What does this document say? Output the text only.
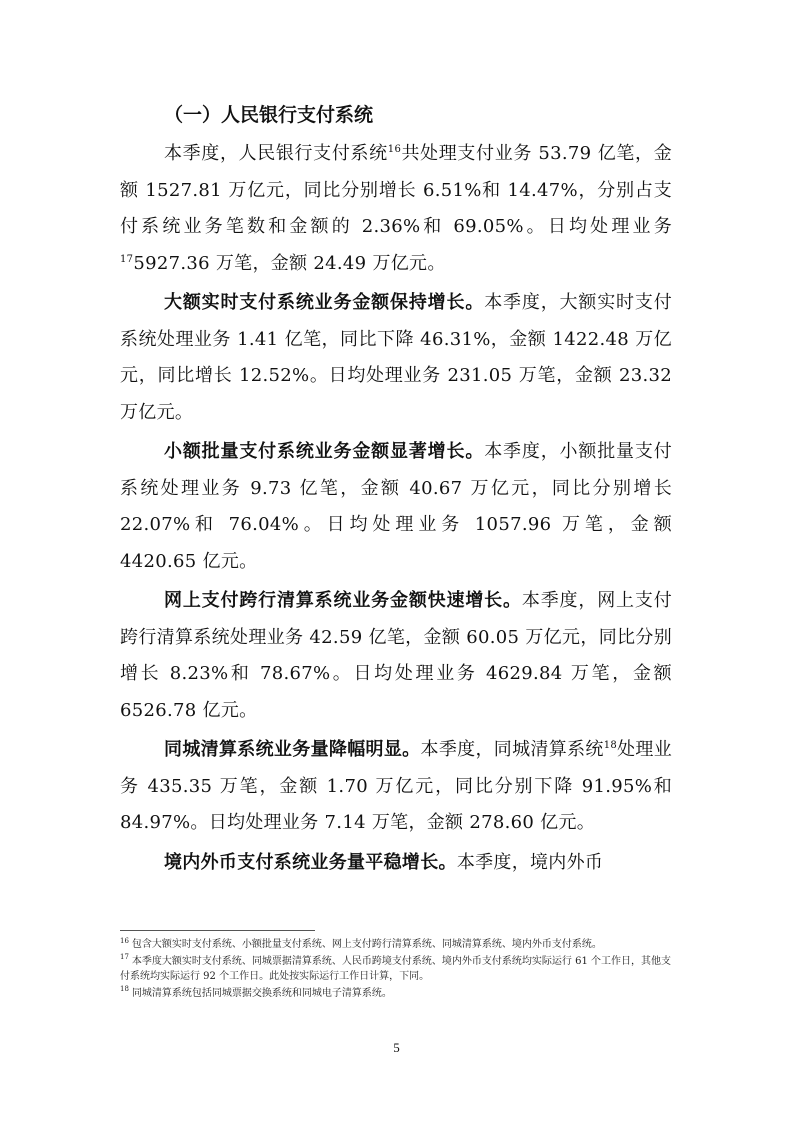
（一）人民银行支付系统

本季度，人民银行支付系统$^{16}$共处理支付业务 53.79 亿笔，金额 1527.81 万亿元，同比分别增长 6.51%和 14.47%，分别占支付系统业务笔数和金额的 2.36%和 69.05%。日均处理业务$^{17}$5927.36 万笔，金额 24.49 万亿元。

大额实时支付系统业务金额保持增长。本季度，大额实时支付系统处理业务 1.41 亿笔，同比下降 46.31%，金额 1422.48 万亿元，同比增长 12.52%。日均处理业务 231.05 万笔，金额 23.32 万亿元。

小额批量支付系统业务金额显著增长。本季度，小额批量支付系统处理业务 9.73 亿笔，金额 40.67 万亿元，同比分别增长 22.07%和 76.04%。日均处理业务 1057.96 万笔，金额 4420.65 亿元。

网上支付跨行清算系统业务金额快速增长。本季度，网上支付跨行清算系统处理业务 42.59 亿笔，金额 60.05 万亿元，同比分别增长 8.23%和 78.67%。日均处理业务 4629.84 万笔，金额 6526.78 亿元。

同城清算系统业务量降幅明显。本季度，同城清算系统$^{18}$处理业务 435.35 万笔，金额 1.70 万亿元，同比分别下降 91.95%和 84.97%。日均处理业务 7.14 万笔，金额 278.60 亿元。

境内外币支付系统业务量平稳增长。本季度，境内外币

$^{16}$ 包含大额实时支付系统、小额批量支付系统、网上支付跨行清算系统、同城清算系统、境内外币支付系统。
$^{17}$ 本季度大额实时支付系统、同城票据清算系统、人民币跨境支付系统、境内外币支付系统均实际运行 61 个工作日，其他支付系统均实际运行 92 个工作日。此处按实际运行工作日计算，下同。
$^{18}$ 同城清算系统包括同城票据交换系统和同城电子清算系统。
5
